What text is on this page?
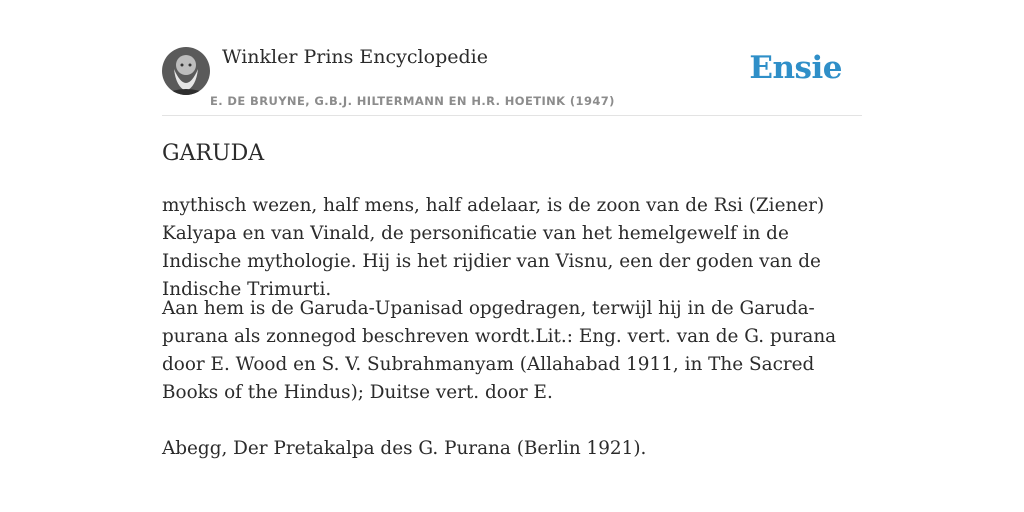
Winkler Prins Encyclopedie
E. DE BRUYNE, G.B.J. HILTERMANN EN H.R. HOETINK (1947)
Ensie
GARUDA

mythisch wezen, half mens, half adelaar, is de zoon van de Rsi (Ziener) Kalyapa en van Vinald, de personificatie van het hemelgewelf in de Indische mythologie. Hij is het rijdier van Visnu, een der goden van de Indische Trimurti.

Aan hem is de Garuda-Upanisad opgedragen, terwijl hij in de Garuda-purana als zonnegod beschreven wordt.Lit.: Eng. vert. van de G. purana door E. Wood en S. V. Subrahmanyam (Allahabad 1911, in The Sacred Books of the Hindus); Duitse vert. door E.

Abegg, Der Pretakalpa des G. Purana (Berlin 1921).
